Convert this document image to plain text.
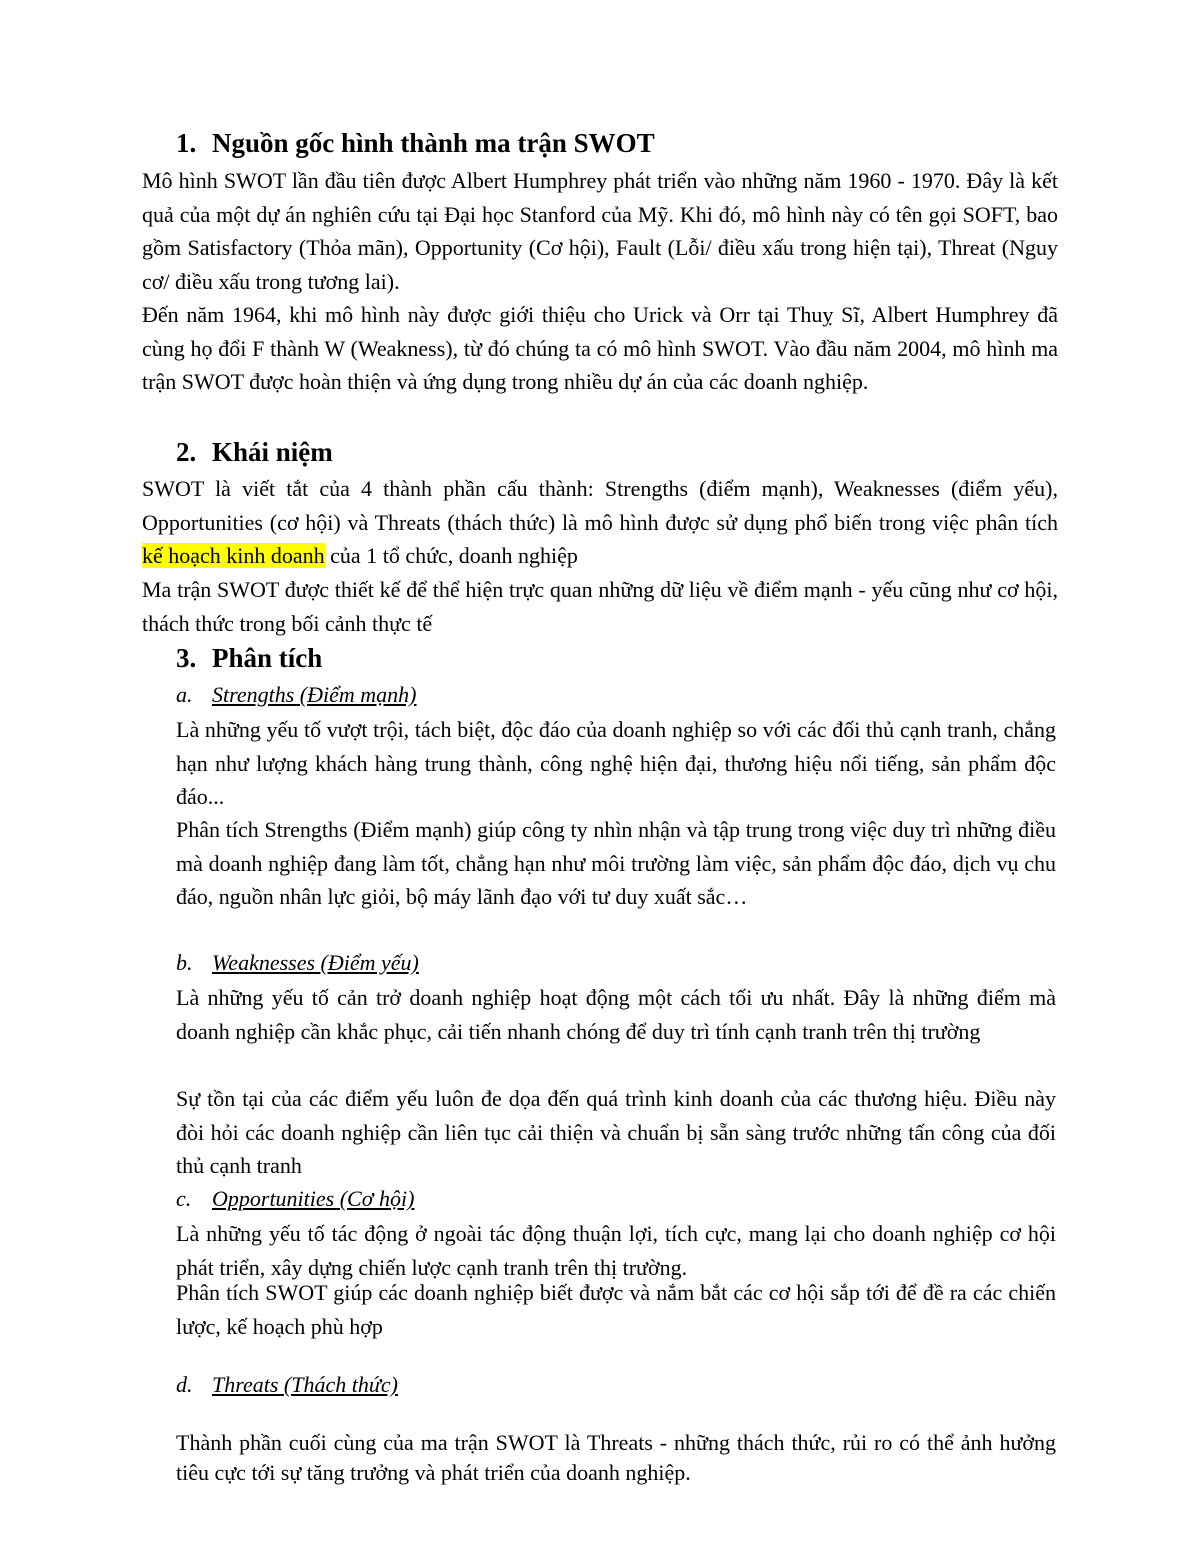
1. Nguồn gốc hình thành ma trận SWOT

Mô hình SWOT lần đầu tiên được Albert Humphrey phát triển vào những năm 1960 - 1970. Đây là kết quả của một dự án nghiên cứu tại Đại học Stanford của Mỹ. Khi đó, mô hình này có tên gọi SOFT, bao gồm Satisfactory (Thỏa mãn), Opportunity (Cơ hội), Fault (Lỗi/ điều xấu trong hiện tại), Threat (Nguy cơ/ điều xấu trong tương lai).

Đến năm 1964, khi mô hình này được giới thiệu cho Urick và Orr tại Thuỵ Sĩ, Albert Humphrey đã cùng họ đổi F thành W (Weakness), từ đó chúng ta có mô hình SWOT. Vào đầu năm 2004, mô hình ma trận SWOT được hoàn thiện và ứng dụng trong nhiều dự án của các doanh nghiệp.

2. Khái niệm

SWOT là viết tắt của 4 thành phần cấu thành: Strengths (điểm mạnh), Weaknesses (điểm yếu), Opportunities (cơ hội) và Threats (thách thức) là mô hình được sử dụng phổ biến trong việc phân tích kế hoạch kinh doanh của 1 tổ chức, doanh nghiệp

Ma trận SWOT được thiết kế để thể hiện trực quan những dữ liệu về điểm mạnh - yếu cũng như cơ hội, thách thức trong bối cảnh thực tế

3. Phân tích
a. Strengths (Điểm mạnh)

Là những yếu tố vượt trội, tách biệt, độc đáo của doanh nghiệp so với các đối thủ cạnh tranh, chẳng hạn như lượng khách hàng trung thành, công nghệ hiện đại, thương hiệu nổi tiếng, sản phẩm độc đáo...

Phân tích Strengths (Điểm mạnh) giúp công ty nhìn nhận và tập trung trong việc duy trì những điều mà doanh nghiệp đang làm tốt, chẳng hạn như môi trường làm việc, sản phẩm độc đáo, dịch vụ chu đáo, nguồn nhân lực giỏi, bộ máy lãnh đạo với tư duy xuất sắc…

b. Weaknesses (Điểm yếu)

Là những yếu tố cản trở doanh nghiệp hoạt động một cách tối ưu nhất. Đây là những điểm mà doanh nghiệp cần khắc phục, cải tiến nhanh chóng để duy trì tính cạnh tranh trên thị trường

Sự tồn tại của các điểm yếu luôn đe dọa đến quá trình kinh doanh của các thương hiệu. Điều này đòi hỏi các doanh nghiệp cần liên tục cải thiện và chuẩn bị sẵn sàng trước những tấn công của đối thủ cạnh tranh

c. Opportunities (Cơ hội)

Là những yếu tố tác động ở ngoài tác động thuận lợi, tích cực, mang lại cho doanh nghiệp cơ hội phát triển, xây dựng chiến lược cạnh tranh trên thị trường.

Phân tích SWOT giúp các doanh nghiệp biết được và nắm bắt các cơ hội sắp tới để đề ra các chiến lược, kế hoạch phù hợp

d. Threats (Thách thức)

Thành phần cuối cùng của ma trận SWOT là Threats - những thách thức, rủi ro có thể ảnh hưởng tiêu cực tới sự tăng trưởng và phát triển của doanh nghiệp.
